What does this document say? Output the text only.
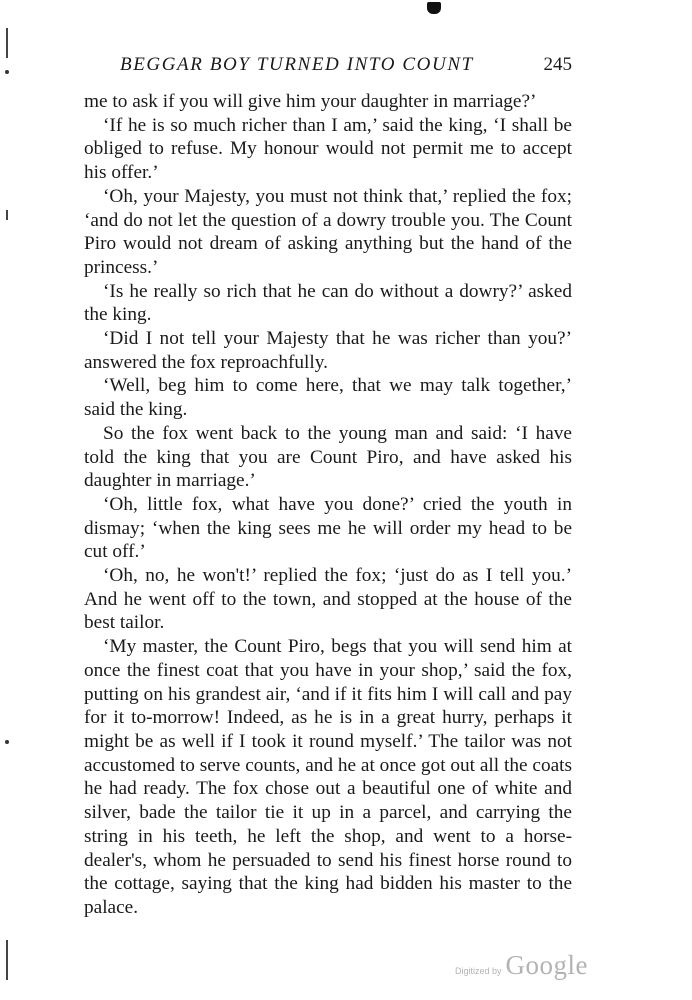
BEGGAR BOY TURNED INTO COUNT	245

me to ask if you will give him your daughter in marriage?’

‘If he is so much richer than I am,’ said the king, ‘I shall be obliged to refuse. My honour would not permit me to accept his offer.’

‘Oh, your Majesty, you must not think that,’ replied the fox; ‘and do not let the question of a dowry trouble you. The Count Piro would not dream of asking anything but the hand of the princess.’

‘Is he really so rich that he can do without a dowry?’ asked the king.

‘Did I not tell your Majesty that he was richer than you?’ answered the fox reproachfully.

‘Well, beg him to come here, that we may talk together,’ said the king.

So the fox went back to the young man and said: ‘I have told the king that you are Count Piro, and have asked his daughter in marriage.’

‘Oh, little fox, what have you done?’ cried the youth in dismay; ‘when the king sees me he will order my head to be cut off.’

‘Oh, no, he won't!’ replied the fox; ‘just do as I tell you.’ And he went off to the town, and stopped at the house of the best tailor.

‘My master, the Count Piro, begs that you will send him at once the finest coat that you have in your shop,’ said the fox, putting on his grandest air, ‘and if it fits him I will call and pay for it to-morrow! Indeed, as he is in a great hurry, perhaps it might be as well if I took it round myself.’ The tailor was not accustomed to serve counts, and he at once got out all the coats he had ready. The fox chose out a beautiful one of white and silver, bade the tailor tie it up in a parcel, and carrying the string in his teeth, he left the shop, and went to a horse-dealer's, whom he persuaded to send his finest horse round to the cottage, saying that the king had bidden his master to the palace.

Digitized by Google
